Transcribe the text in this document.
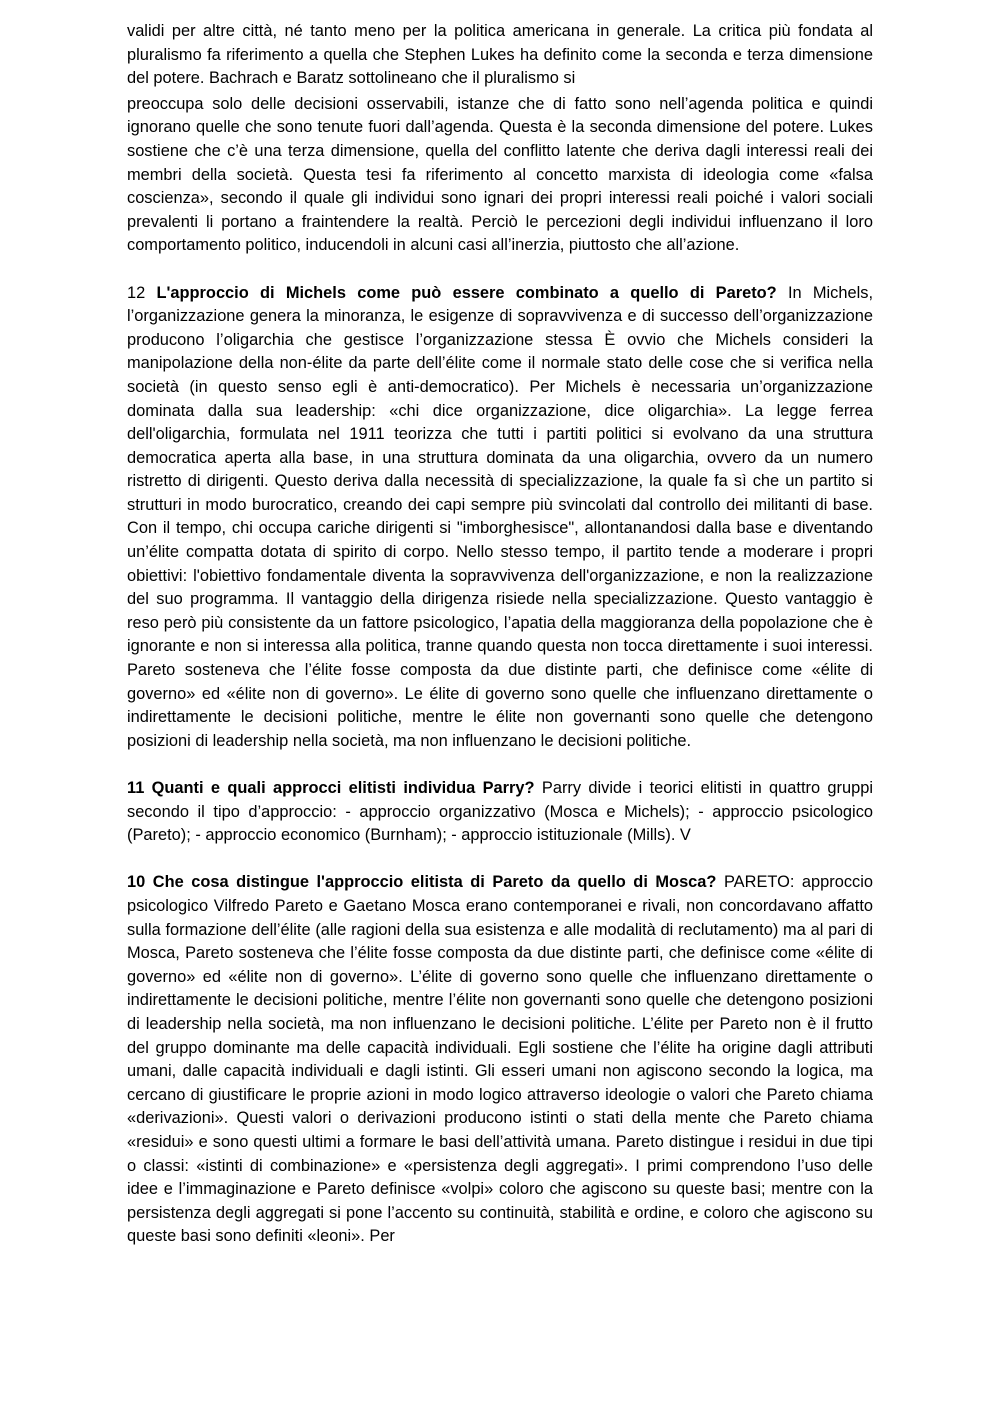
validi per altre città, né tanto meno per la politica americana in generale. La critica più fondata al pluralismo fa riferimento a quella che Stephen Lukes ha definito come la seconda e terza dimensione del potere. Bachrach e Baratz sottolineano che il pluralismo si

preoccupa solo delle decisioni osservabili, istanze che di fatto sono nell’agenda politica e quindi ignorano quelle che sono tenute fuori dall’agenda. Questa è la seconda dimensione del potere. Lukes sostiene che c’è una terza dimensione, quella del conflitto latente che deriva dagli interessi reali dei membri della società. Questa tesi fa riferimento al concetto marxista di ideologia come «falsa coscienza», secondo il quale gli individui sono ignari dei propri interessi reali poiché i valori sociali prevalenti li portano a fraintendere la realtà. Perciò le percezioni degli individui influenzano il loro comportamento politico, inducendoli in alcuni casi all’inerzia, piuttosto che all’azione.

12 L'approccio di Michels come può essere combinato a quello di Pareto? In Michels, l’organizzazione genera la minoranza, le esigenze di sopravvivenza e di successo dell’organizzazione producono l’oligarchia che gestisce l’organizzazione stessa È ovvio che Michels consideri la manipolazione della non-élite da parte dell’élite come il normale stato delle cose che si verifica nella società (in questo senso egli è anti-democratico). Per Michels è necessaria un’organizzazione dominata dalla sua leadership: «chi dice organizzazione, dice oligarchia». La legge ferrea dell'oligarchia, formulata nel 1911 teorizza che tutti i partiti politici si evolvano da una struttura democratica aperta alla base, in una struttura dominata da una oligarchia, ovvero da un numero ristretto di dirigenti. Questo deriva dalla necessità di specializzazione, la quale fa sì che un partito si strutturi in modo burocratico, creando dei capi sempre più svincolati dal controllo dei militanti di base. Con il tempo, chi occupa cariche dirigenti si "imborghesisce", allontanandosi dalla base e diventando un’élite compatta dotata di spirito di corpo. Nello stesso tempo, il partito tende a moderare i propri obiettivi: l'obiettivo fondamentale diventa la sopravvivenza dell'organizzazione, e non la realizzazione del suo programma. Il vantaggio della dirigenza risiede nella specializzazione. Questo vantaggio è reso però più consistente da un fattore psicologico, l’apatia della maggioranza della popolazione che è ignorante e non si interessa alla politica, tranne quando questa non tocca direttamente i suoi interessi. Pareto sosteneva che l’élite fosse composta da due distinte parti, che definisce come «élite di governo» ed «élite non di governo». Le élite di governo sono quelle che influenzano direttamente o indirettamente le decisioni politiche, mentre le élite non governanti sono quelle che detengono posizioni di leadership nella società, ma non influenzano le decisioni politiche.

11 Quanti e quali approcci elitisti individua Parry? Parry divide i teorici elitisti in quattro gruppi secondo il tipo d’approccio: - approccio organizzativo (Mosca e Michels); - approccio psicologico (Pareto); - approccio economico (Burnham); - approccio istituzionale (Mills). V

10 Che cosa distingue l'approccio elitista di Pareto da quello di Mosca? PARETO: approccio psicologico Vilfredo Pareto e Gaetano Mosca erano contemporanei e rivali, non concordavano affatto sulla formazione dell’élite (alle ragioni della sua esistenza e alle modalità di reclutamento) ma al pari di Mosca, Pareto sosteneva che l’élite fosse composta da due distinte parti, che definisce come «élite di governo» ed «élite non di governo». L’élite di governo sono quelle che influenzano direttamente o indirettamente le decisioni politiche, mentre l’élite non governanti sono quelle che detengono posizioni di leadership nella società, ma non influenzano le decisioni politiche. L’élite per Pareto non è il frutto del gruppo dominante ma delle capacità individuali. Egli sostiene che l’élite ha origine dagli attributi umani, dalle capacità individuali e dagli istinti. Gli esseri umani non agiscono secondo la logica, ma cercano di giustificare le proprie azioni in modo logico attraverso ideologie o valori che Pareto chiama «derivazioni». Questi valori o derivazioni producono istinti o stati della mente che Pareto chiama «residui» e sono questi ultimi a formare le basi dell’attività umana. Pareto distingue i residui in due tipi o classi: «istinti di combinazione» e «persistenza degli aggregati». I primi comprendono l’uso delle idee e l’immaginazione e Pareto definisce «volpi» coloro che agiscono su queste basi; mentre con la persistenza degli aggregati si pone l’accento su continuità, stabilità e ordine, e coloro che agiscono su queste basi sono definiti «leoni». Per
